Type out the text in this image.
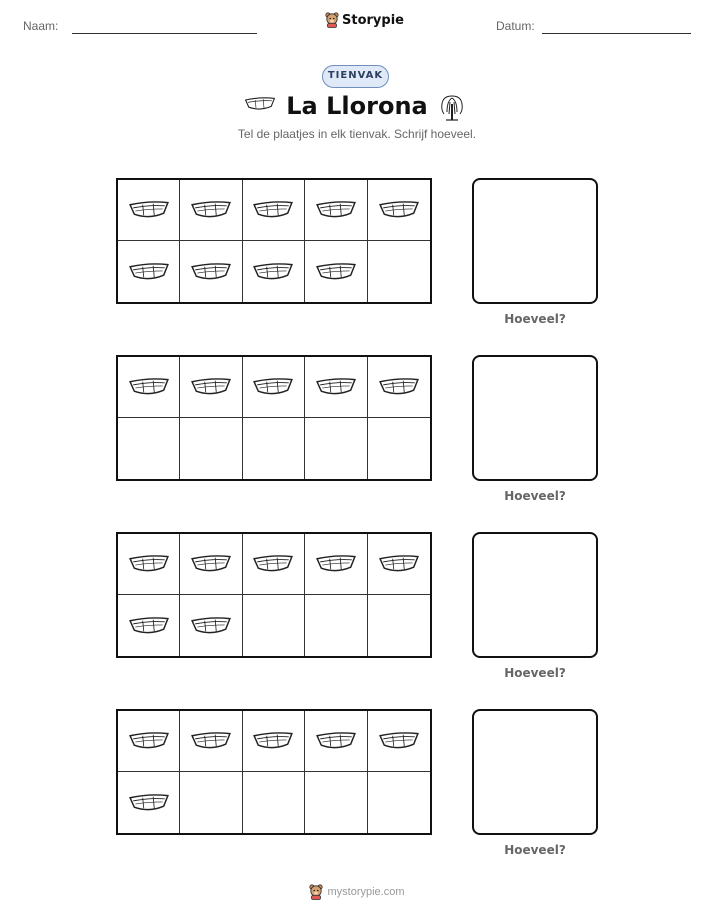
Naam:	Storypie	Datum:
TIENVAK
La Llorona
Tel de plaatjes in elk tienvak. Schrijf hoeveel.
Hoeveel?
Hoeveel?
Hoeveel?
Hoeveel?
mystorypie.com
